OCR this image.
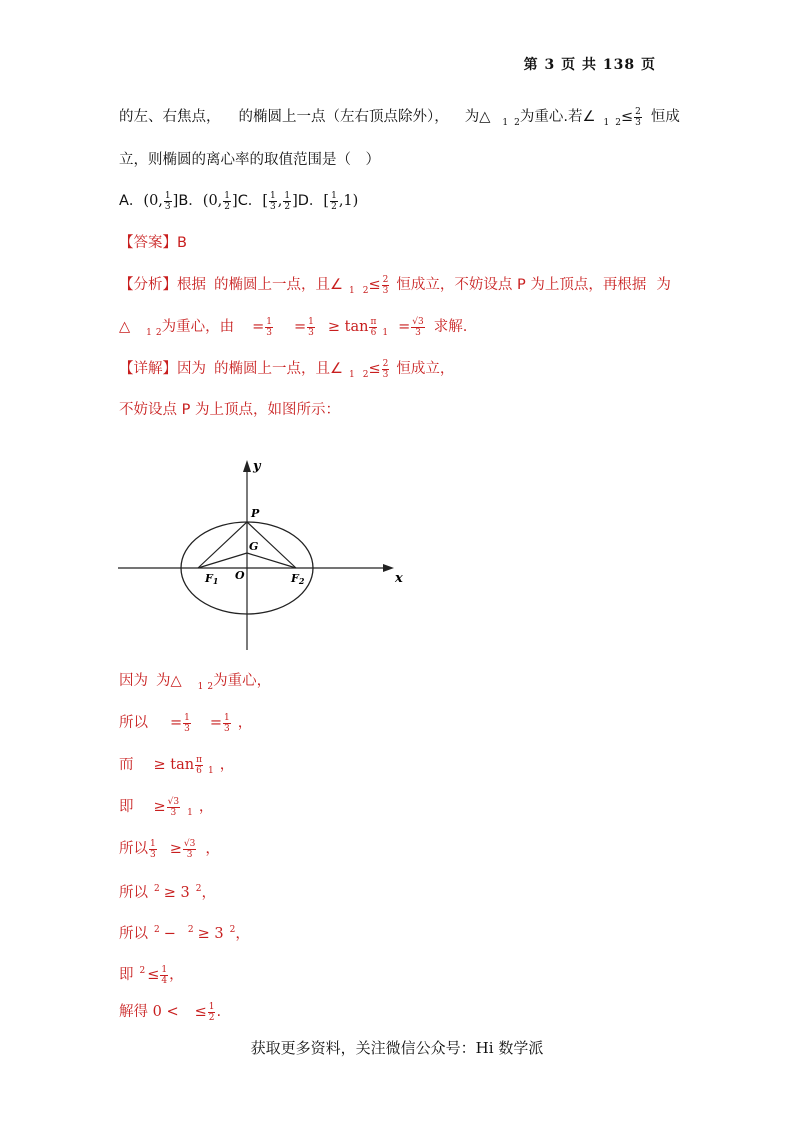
第 3 页 共 138 页
的左、右焦点， 的椭圆上一点（左右顶点除外）， 为△ $_1$ $_2$为重心.若∠ $_1$ $_2\le \frac{2}{3}$ 恒成
立，则椭圆的离心率的取值范围是（　）
A．(0, $\frac{1}{3} ]B$．(0, $\frac{1}{2} ]C$．[ $\frac{1}{3}$ , $\frac{1}{2} ]D$．[ $\frac{1}{2} ,1$)
【答案】B
【分析】根据 的椭圆上一点，且∠ $_1$ $_2\le \frac{2}{3}$ 恒成立，不妨设点 P 为上顶点，再根据 为
△ $_1$ $_2$为重心，由 = $\frac{1}{3} = \frac{1}{3} \ge \tan \frac{\pi}{6} _1 = \frac{√3}{3}$ 求解.
【详解】因为 的椭圆上一点，且∠ $_1$ $_2\le \frac{2}{3}$ 恒成立，
不妨设点 P 为上顶点，如图所示：
y
x
P
G
O
F1	F2
因为 为△ $_1$ $_2$为重心，
所以 = $\frac{1}{3} = \frac{1}{3}$ ，
而 ≥ $\tan \frac{\pi}{6} _1$ ，
即 ≥ $\frac{√3}{3} _1$ ，
所以 $\frac{1}{3} \ge \frac{√3}{3}$ ，
所以 $^2$ ≥ 3 $^2$，
所以 $^2$ − $^2$ ≥ 3 $^2$，
即 $^2 \le \frac{1}{4}$ ，
解得 0 < ≤ $\frac{1}{2}$ .
获取更多资料，关注微信公众号：Hi 数学派
